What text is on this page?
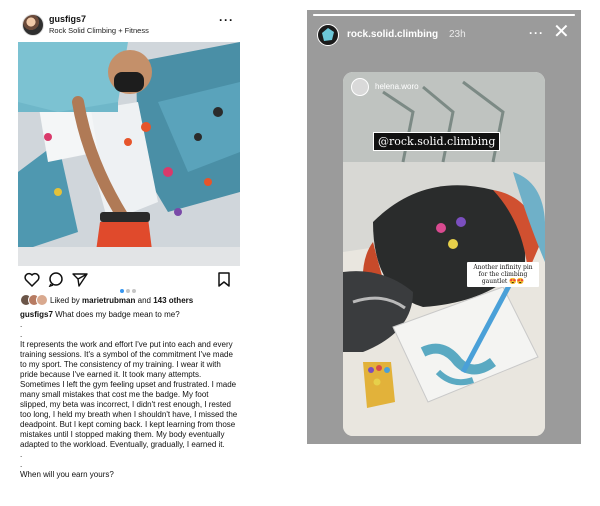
gusfigs7
Rock Solid Climbing + Fitness
···
Liked by marietrubman and 143 others

gusfigs7 What does my badge mean to me?

.

.

It represents the work and effort I've put into each and every training sessions. It's a symbol of the commitment I've made to my sport. The consistency of my training. I wear it with pride because I've earned it. It took many attempts. Sometimes I left the gym feeling upset and frustrated. I made many small mistakes that cost me the badge. My foot slipped, my beta was incorrect, I didn't rest enough, I rested too long, I held my breath when I shouldn't have, I missed the deadpoint. But I kept coming back. I kept learning from those mistakes until I stopped making them. My body eventually adapted to the workload. Eventually, gradually, I earned it.

.

.

When will you earn yours?

rock.solid.climbing 23h	··· ✕
helena.woro
@rock.solid.climbing
Another infinity pin for the climbing gauntlet 😍😍
